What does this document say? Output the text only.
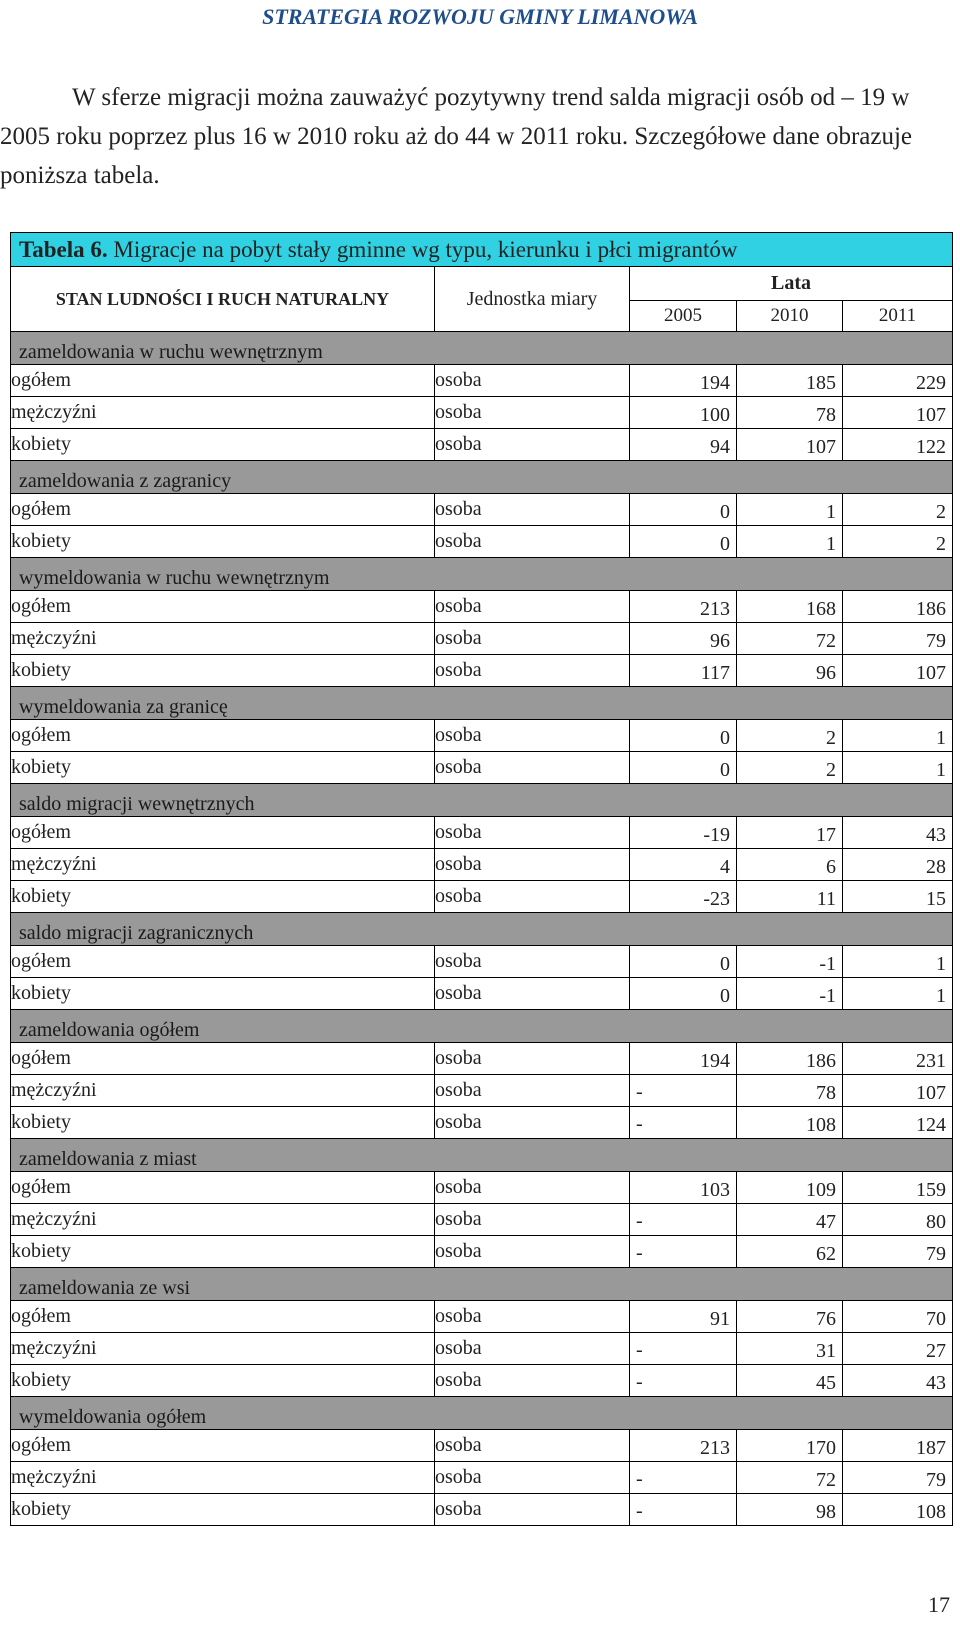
STRATEGIA ROZWOJU GMINY LIMANOWA
W sferze migracji można zauważyć pozytywny trend salda migracji osób od – 19 w 2005 roku poprzez plus 16 w 2010 roku aż do 44 w 2011 roku. Szczegółowe dane obrazuje poniższa tabela.
Tabela 6. Migracje na pobyt stały gminne wg typu, kierunku i płci migrantów				
STAN LUDNOŚCI I RUCH NATURALNY	Jednostka miary	Lata		
		2005	2010	2011
zameldowania w ruchu wewnętrznym				
ogółem	osoba	194	185	229

mężczyźni	osoba	100	78	107

kobiety	osoba	94	107	122

zameldowania z zagranicy				
ogółem	osoba	0	1	2

kobiety	osoba	0	1	2

wymeldowania w ruchu wewnętrznym				
ogółem	osoba	213	168	186

mężczyźni	osoba	96	72	79

kobiety	osoba	117	96	107

wymeldowania za granicę				
ogółem	osoba	0	2	1

kobiety	osoba	0	2	1

saldo migracji wewnętrznych				
ogółem	osoba	-19	17	43

mężczyźni	osoba	4	6	28

kobiety	osoba	-23	11	15

saldo migracji zagranicznych				
ogółem	osoba	0	-1	1

kobiety	osoba	0	-1	1

zameldowania ogółem				
ogółem	osoba	194	186	231

mężczyźni	osoba	-	78	107

kobiety	osoba	-	108	124

zameldowania z miast				
ogółem	osoba	103	109	159

mężczyźni	osoba	-	47	80

kobiety	osoba	-	62	79

zameldowania ze wsi				
ogółem	osoba	91	76	70

mężczyźni	osoba	-	31	27

kobiety	osoba	-	45	43

wymeldowania ogółem				
ogółem	osoba	213	170	187

mężczyźni	osoba	-	72	79

kobiety	osoba	-	98	108
17
